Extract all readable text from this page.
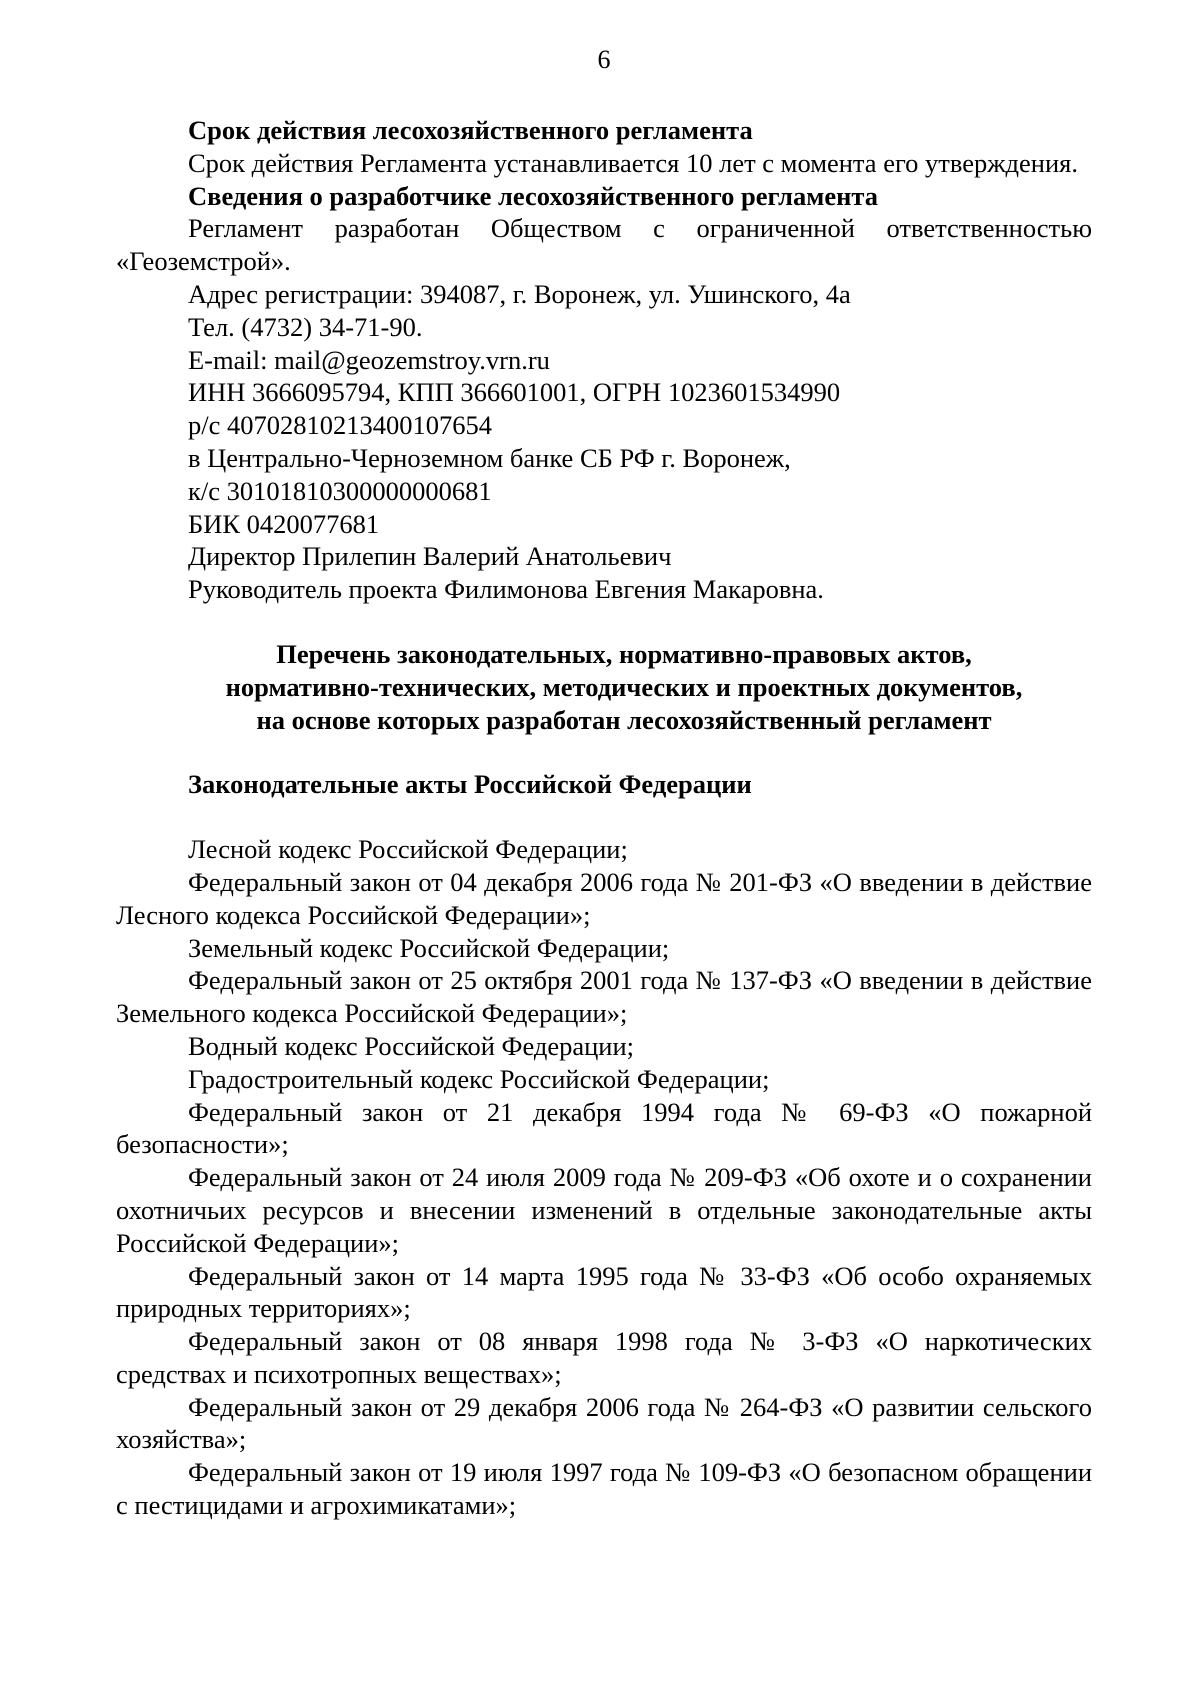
6

Срок действия лесохозяйственного регламента

Срок действия Регламента устанавливается 10 лет с момента его утверждения.

Сведения о разработчике лесохозяйственного регламента

Регламент разработан Обществом с ограниченной ответственностью «Геоземстрой».

Адрес регистрации: 394087, г. Воронеж, ул. Ушинского, 4а

Тел. (4732) 34-71-90.

E-mail: mail@geozemstroy.vrn.ru

ИНН 3666095794, КПП 366601001, ОГРН 1023601534990

р/с 40702810213400107654

в Центрально-Черноземном банке СБ РФ г. Воронеж,

к/с 30101810300000000681

БИК 0420077681

Директор Прилепин Валерий Анатольевич

Руководитель проекта Филимонова Евгения Макаровна.

Перечень законодательных, нормативно-правовых актов,

нормативно-технических, методических и проектных документов,

на основе которых разработан лесохозяйственный регламент

Законодательные акты Российской Федерации

Лесной кодекс Российской Федерации;

Федеральный закон от 04 декабря 2006 года № 201-ФЗ «О введении в действие Лесного кодекса Российской Федерации»;

Земельный кодекс Российской Федерации;

Федеральный закон от 25 октября 2001 года № 137-ФЗ «О введении в действие Земельного кодекса Российской Федерации»;

Водный кодекс Российской Федерации;

Градостроительный кодекс Российской Федерации;

Федеральный закон от 21 декабря 1994 года № 69-ФЗ «О пожарной безопасности»;

Федеральный закон от 24 июля 2009 года № 209-ФЗ «Об охоте и о сохранении охотничьих ресурсов и внесении изменений в отдельные законодательные акты Российской Федерации»;

Федеральный закон от 14 марта 1995 года № 33-ФЗ «Об особо охраняемых природных территориях»;

Федеральный закон от 08 января 1998 года № 3-ФЗ «О наркотических средствах и психотропных веществах»;

Федеральный закон от 29 декабря 2006 года № 264-ФЗ «О развитии сельского хозяйства»;

Федеральный закон от 19 июля 1997 года № 109-ФЗ «О безопасном обращении с пестицидами и агрохимикатами»;
